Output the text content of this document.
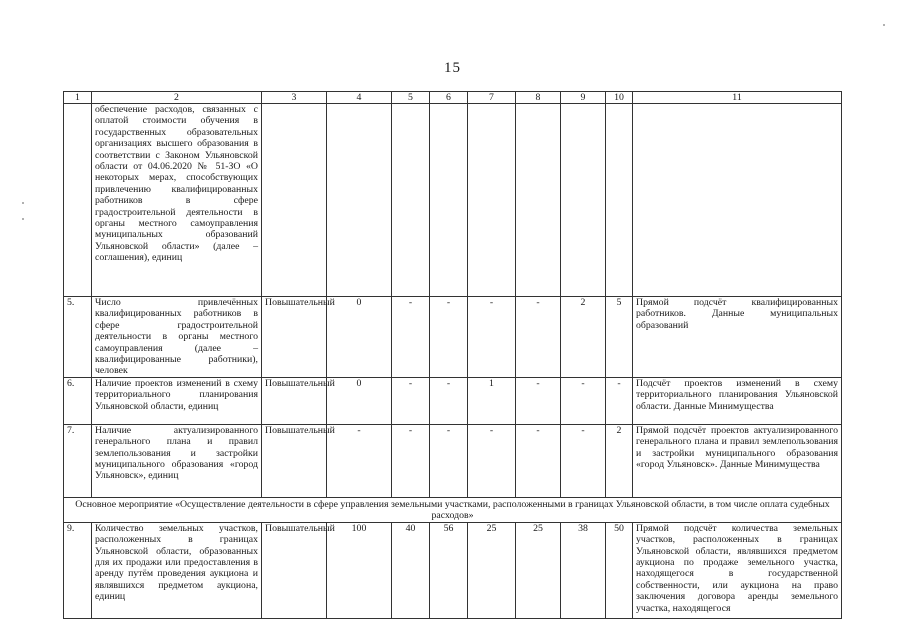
15
1	2	3	4	5	6	7	8	9	10	11
	обеспечение расходов, связанных с оплатой стоимости обучения в государственных образовательных организациях высшего образования в соответствии с Законом Ульяновской области от 04.06.2020 № 51-ЗО «О некоторых мерах, способствующих привлечению квалифицированных работников в сфере градостроительной деятельности в органы местного самоуправления муниципальных образований Ульяновской области» (далее – соглашения), единиц									
5.	Число привлечённых квалифицированных работников в сфере градостроительной деятельности в органы местного самоуправления (далее – квалифицированные работники), человек	Повышательный	0	-	-	-	-	2	5	Прямой подсчёт квалифицированных работников. Данные муниципальных образований
6.	Наличие проектов изменений в схему территориального планирования Ульяновской области, единиц	Повышательный	0	-	-	1	-	-	-	Подсчёт проектов изменений в схему территориального планирования Ульяновской области. Данные Минимущества
7.	Наличие актуализированного генерального плана и правил землепользования и застройки муниципального образования «город Ульяновск», единиц	Повышательный	-	-	-	-	-	-	2	Прямой подсчёт проектов актуализированного генерального плана и правил землепользования и застройки муниципального образования «город Ульяновск». Данные Минимущества
Основное мероприятие «Осуществление деятельности в сфере управления земельными участками, расположенными в границах Ульяновской области, в том числе оплата судебных расходов»										
9.	Количество земельных участков, расположенных в границах Ульяновской области, образованных для их продажи или предоставления в аренду путём проведения аукциона и являвшихся предметом аукциона, единиц	Повышательный	100	40	56	25	25	38	50	Прямой подсчёт количества земельных участков, расположенных в границах Ульяновской области, являвшихся предметом аукциона по продаже земельного участка, находящегося в государственной собственности, или аукциона на право заключения договора аренды земельного участка, находящегося
